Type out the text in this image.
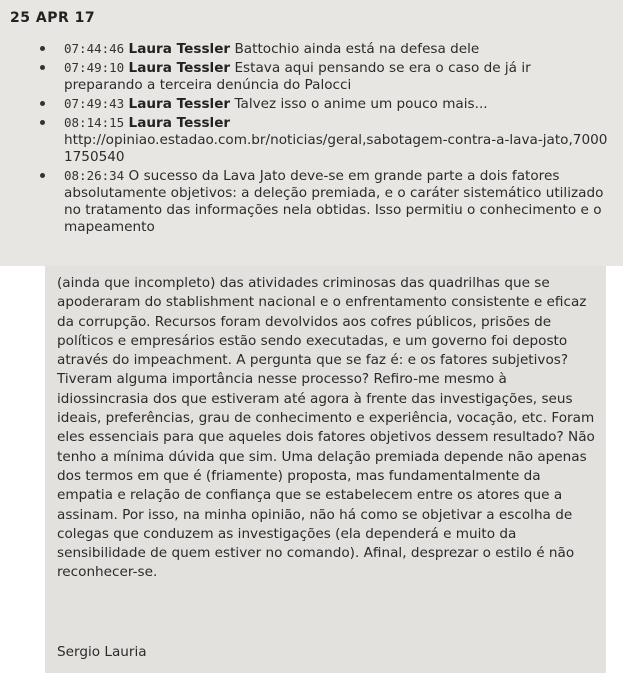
25 APR 17
07:44:46 Laura Tessler Battochio ainda está na defesa dele
07:49:10 Laura Tessler Estava aqui pensando se era o caso de já ir preparando a terceira denúncia do Palocci
07:49:43 Laura Tessler Talvez isso o anime um pouco mais...
08:14:15 Laura Tessler
http://opiniao.estadao.com.br/noticias/geral,sabotagem-contra-a-lava-jato,70001750540
08:26:34 O sucesso da Lava Jato deve-se em grande parte a dois fatores absolutamente objetivos: a deleção premiada, e o caráter sistemático utilizado no tratamento das informações nela obtidas. Isso permitiu o conhecimento e o mapeamento

(ainda que incompleto) das atividades criminosas das quadrilhas que se apoderaram do stablishment nacional e o enfrentamento consistente e eficaz da corrupção. Recursos foram devolvidos aos cofres públicos, prisões de políticos e empresários estão sendo executadas, e um governo foi deposto através do impeachment. A pergunta que se faz é: e os fatores subjetivos? Tiveram alguma importância nesse processo? Refiro-me mesmo à idiossincrasia dos que estiveram até agora à frente das investigações, seus ideais, preferências, grau de conhecimento e experiência, vocação, etc. Foram eles essenciais para que aqueles dois fatores objetivos dessem resultado? Não tenho a mínima dúvida que sim. Uma delação premiada depende não apenas dos termos em que é (friamente) proposta, mas fundamentalmente da empatia e relação de confiança que se estabelecem entre os atores que a assinam. Por isso, na minha opinião, não há como se objetivar a escolha de colegas que conduzem as investigações (ela dependerá e muito da sensibilidade de quem estiver no comando). Afinal, desprezar o estilo é não reconhecer-se.

Sergio Lauria
